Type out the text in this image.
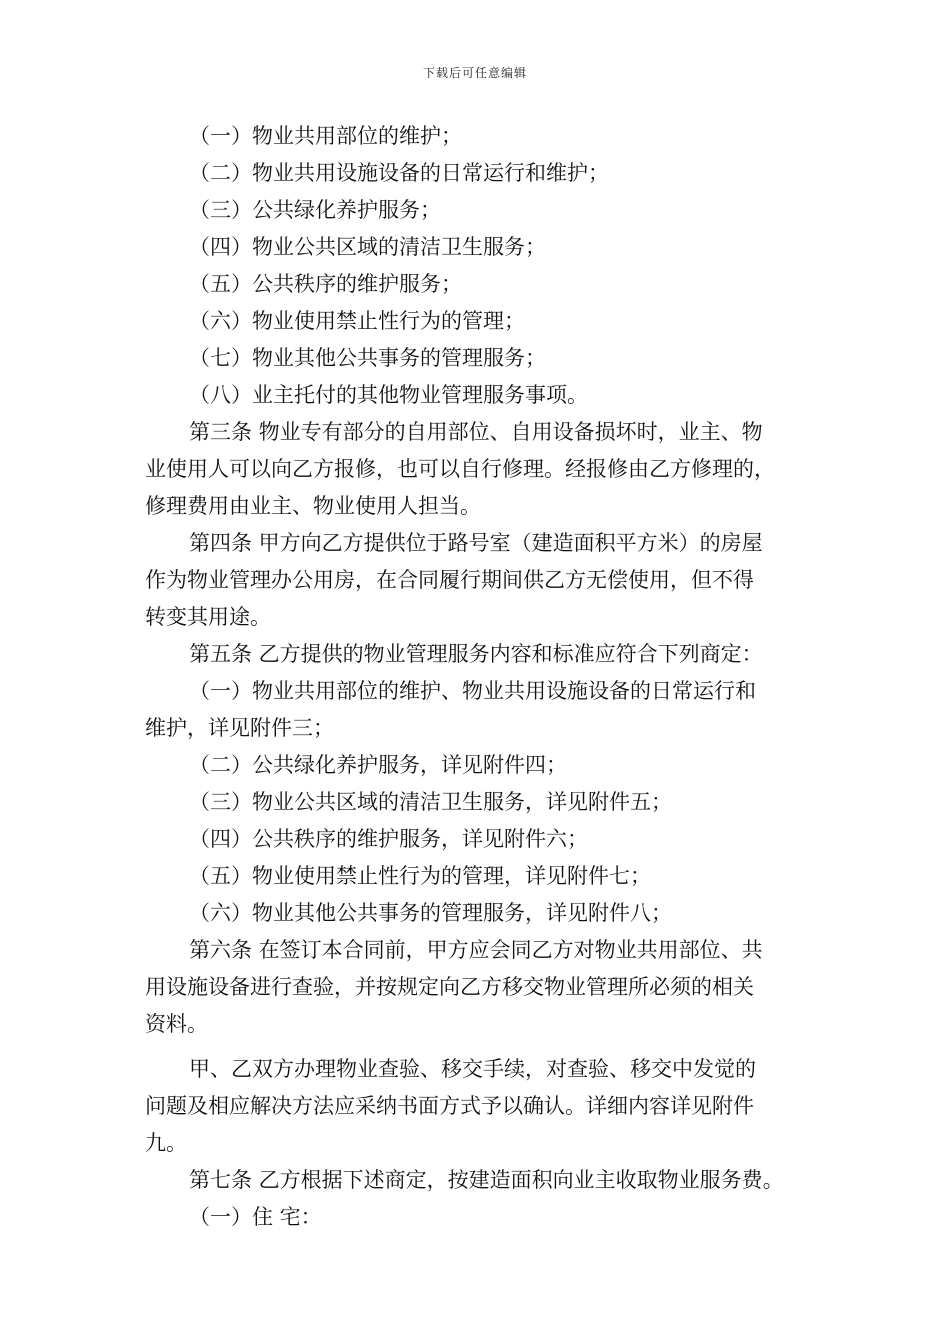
下载后可任意编辑
（一）物业共用部位的维护；
（二）物业共用设施设备的日常运行和维护；
（三）公共绿化养护服务；
（四）物业公共区域的清洁卫生服务；
（五）公共秩序的维护服务；
（六）物业使用禁止性行为的管理；
（七）物业其他公共事务的管理服务；
（八）业主托付的其他物业管理服务事项。
第三条 物业专有部分的自用部位、自用设备损坏时，业主、物
业使用人可以向乙方报修，也可以自行修理。经报修由乙方修理的，
修理费用由业主、物业使用人担当。
第四条 甲方向乙方提供位于路号室（建造面积平方米）的房屋
作为物业管理办公用房，在合同履行期间供乙方无偿使用，但不得
转变其用途。
第五条 乙方提供的物业管理服务内容和标准应符合下列商定：
（一）物业共用部位的维护、物业共用设施设备的日常运行和
维护，详见附件三；
（二）公共绿化养护服务，详见附件四；
（三）物业公共区域的清洁卫生服务，详见附件五；
（四）公共秩序的维护服务，详见附件六；
（五）物业使用禁止性行为的管理，详见附件七；
（六）物业其他公共事务的管理服务，详见附件八；
第六条 在签订本合同前，甲方应会同乙方对物业共用部位、共
用设施设备进行查验，并按规定向乙方移交物业管理所必须的相关
资料。
甲、乙双方办理物业查验、移交手续，对查验、移交中发觉的
问题及相应解决方法应采纳书面方式予以确认。详细内容详见附件
九。
第七条 乙方根据下述商定，按建造面积向业主收取物业服务费。
（一）住 宅：
